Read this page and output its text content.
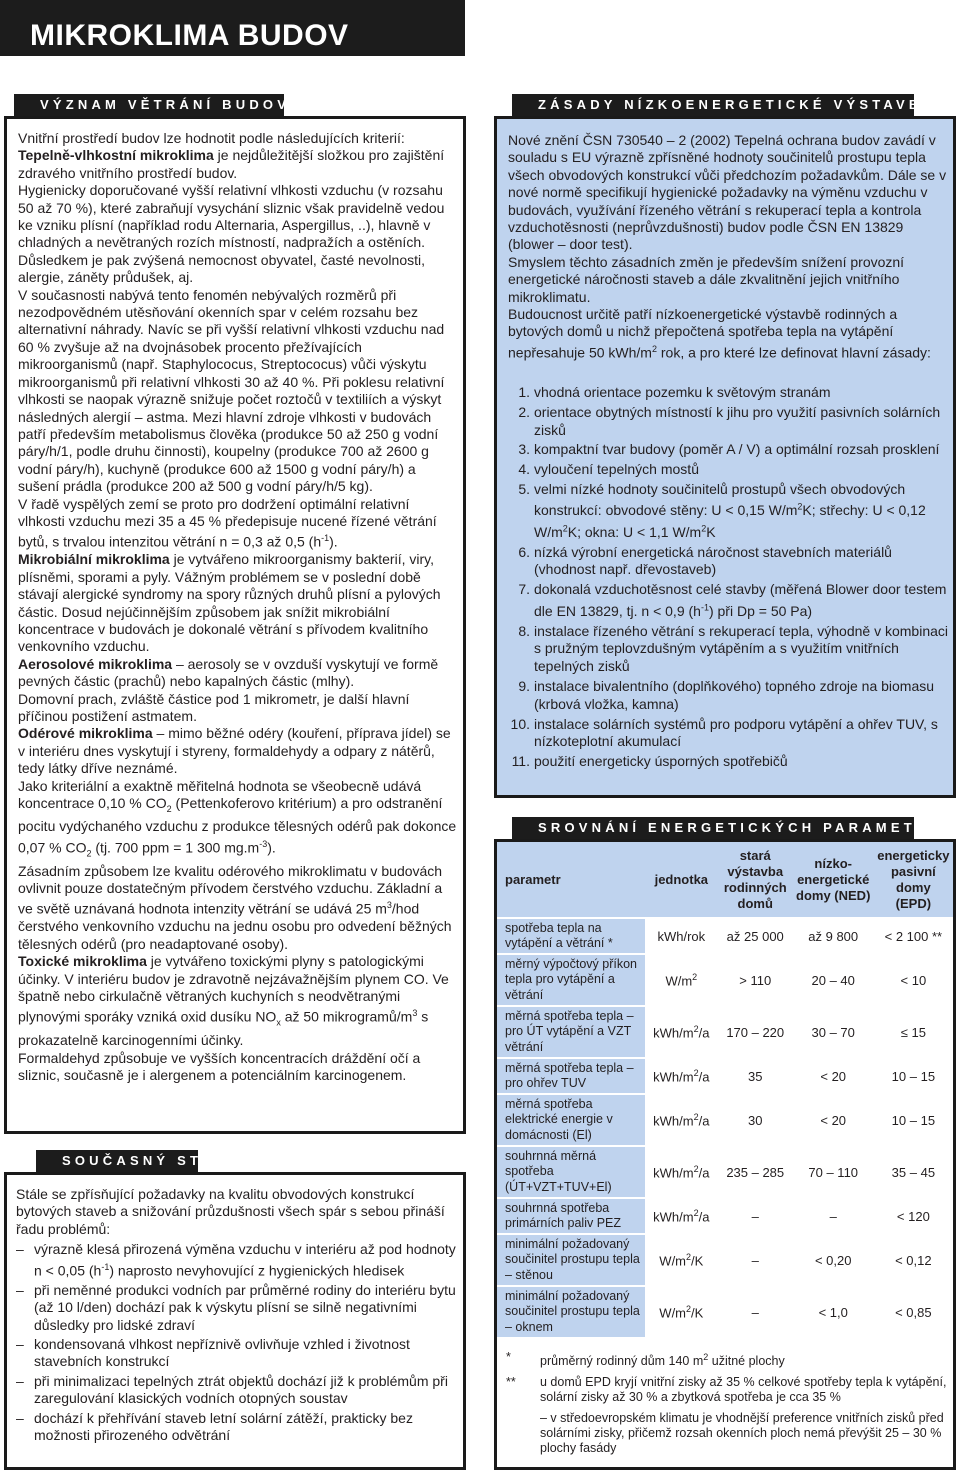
MIKROKLIMA BUDOV
VÝZNAM VĚTRÁNÍ BUDOV

Vnitřní prostředí budov lze hodnotit podle následujících kriterií:

Tepelně-vlhkostní mikroklima je nejdůležitější složkou pro zajištění zdravého vnitřního prostředí budov.

Hygienicky doporučované vyšší relativní vlhkosti vzduchu (v rozsahu 50 až 70 %), které zabraňují vysychání sliznic však pravidelně vedou ke vzniku plísní (například rodu Alternaria, Aspergillus, ..), hlavně v chladných a nevětraných rozích místností, nadpražích a ostěních. Důsledkem je pak zvýšená nemocnost obyvatel, časté nevolnosti, alergie, záněty průdušek, aj.

V současnosti nabývá tento fenomén nebývalých rozměrů při nezodpovědném utěsňování okenních spar v celém rozsahu bez alternativní náhrady. Navíc se při vyšší relativní vlhkosti vzduchu nad 60 % zvyšuje až na dvojnásobek procento přežívajících mikroorganismů (např. Staphylococus, Streptococus) vůči výskytu mikroorganismů při relativní vlhkosti 30 až 40 %. Při poklesu relativní vlhkosti se naopak výrazně snižuje počet roztočů v textiliích a výskyt následných alergií – astma. Mezi hlavní zdroje vlhkosti v budovách patří především metabolismus člověka (produkce 50 až 250 g vodní páry/h/1, podle druhu činnosti), koupelny (produkce 700 až 2600 g vodní páry/h), kuchyně (produkce 600 až 1500 g vodní páry/h) a sušení prádla (produkce 200 až 500 g vodní páry/h/5 kg).

V řadě vyspělých zemí se proto pro dodržení optimální relativní vlhkosti vzduchu mezi 35 a 45 % předepisuje nucené řízené větrání bytů, s trvalou intenzitou větrání n = 0,3 až 0,5 $(h^{-1})$.

Mikrobiální mikroklima je vytvářeno mikroorganismy bakterií, viry, plísněmi, sporami a pyly. Vážným problémem se v poslední době stávají alergické syndromy na spory různých druhů plísní a pylových částic. Dosud nejúčinnějším způsobem jak snížit mikrobiální koncentrace v budovách je dokonalé větrání s přívodem kvalitního venkovního vzduchu.

Aerosolové mikroklima – aerosoly se v ovzduší vyskytují ve formě pevných částic (prachů) nebo kapalných částic (mlhy).

Domovní prach, zvláště částice pod 1 mikrometr, je další hlavní příčinou postižení astmatem.

Odérové mikroklima – mimo běžné odéry (kouření, příprava jídel) se v interiéru dnes vyskytují i styreny, formaldehydy a odpary z nátěrů, tedy látky dříve neznámé.

Jako kriteriální a exaktně měřitelná hodnota se všeobecně udává koncentrace 0,10 % $CO_2$ (Pettenkoferovo kritérium) a pro odstranění pocitu vydýchaného vzduchu z produkce tělesných odérů pak dokonce 0,07 % $CO_2$ (tj. 700 ppm = 1 300 $mg.m^{-3}$).

Zásadním způsobem lze kvalitu odérového mikroklimatu v budovách ovlivnit pouze dostatečným přívodem čerstvého vzduchu. Základní a ve světě uznávaná hodnota intenzity větrání se udává 25 $m^3$/hod čerstvého venkovního vzduchu na jednu osobu pro odvedení běžných tělesných odérů (pro neadaptované osoby).

Toxické mikroklima je vytvářeno toxickými plyny s patologickými účinky. V interiéru budov je zdravotně nejzávažnějším plynem CO. Ve špatně nebo cirkulačně větraných kuchyních s neodvětranými plynovými sporáky vzniká oxid dusíku $NO_x$ až 50 mikrogramů/$m^3$ s prokazatelně karcinogenními účinky.

Formaldehyd způsobuje ve vyšších koncentracích dráždění očí a sliznic, současně je i alergenem a potenciálním karcinogenem.

SOUČASNÝ STAV

Stále se zpřísňující požadavky na kvalitu obvodových konstrukcí bytových staveb a snižování průzdušnosti všech spár s sebou přináší řadu problémů:

– výrazně klesá přirozená výměna vzduchu v interiéru až pod hodnoty n < 0,05 $(h^{-1})$ naprosto nevyhovující z hygienických hledisek
– při neměnné produkci vodních par průměrné rodiny do interiéru bytu (až 10 l/den) dochází pak k výskytu plísní se silně negativními důsledky pro lidské zdraví
– kondensovaná vlhkost nepříznivě ovlivňuje vzhled i životnost stavebních konstrukcí
– při minimalizaci tepelných ztrát objektů dochází již k problémům při zaregulování klasických vodních otopných soustav
– dochází k přehřívání staveb letní solární zátěží, prakticky bez možnosti přirozeného odvětrání
ZÁSADY NÍZKOENERGETICKÉ VÝSTAVBY

Nové znění ČSN 730540 – 2 (2002) Tepelná ochrana budov zavádí v souladu s EU výrazně zpřísněné hodnoty součinitelů prostupu tepla všech obvodových konstrukcí vůči předchozím požadavkům. Dále se v nové normě specifikují hygienické požadavky na výměnu vzduchu v budovách, využívání řízeného větrání s rekuperací tepla a kontrola vzduchotěsnosti (neprůvzdušnosti) budov podle ČSN EN 13829 (blower – door test).

Smyslem těchto zásadních změn je především snížení provozní energetické náročnosti staveb a dále zkvalitnění jejich vnitřního mikroklimatu.

Budoucnost určitě patří nízkoenergetické výstavbě rodinných a bytových domů u nichž přepočtená spotřeba tepla na vytápění nepřesahuje 50 kWh/$m^2$ rok, a pro které lze definovat hlavní zásady:

1. vhodná orientace pozemku k světovým stranám
2. orientace obytných místností k jihu pro využití pasivních solárních zisků
3. kompaktní tvar budovy (poměr A / V) a optimální rozsah prosklení
4. vyloučení tepelných mostů
5. velmi nízké hodnoty součinitelů prostupů všech obvodových konstrukcí: obvodové stěny: U < 0,15 $W/m^2K$; střechy: U < 0,12 $W/m^2K$; okna: U < 1,1 $W/m^2K$
6. nízká výrobní energetická náročnost stavebních materiálů (vhodnost např. dřevostaveb)
7. dokonalá vzduchotěsnost celé stavby (měřená Blower door testem dle EN 13829, tj. n < 0,9 $(h^{-1})$ při Dp = 50 Pa)
8. instalace řízeného větrání s rekuperací tepla, výhodně v kombinaci s pružným teplovzdušným vytápěním a s využitím vnitřních tepelných zisků
9. instalace bivalentního (doplňkového) topného zdroje na biomasu (krbová vložka, kamna)
10. instalace solárních systémů pro podporu vytápění a ohřev TUV, s nízkoteplotní akumulací
11. použití energeticky úsporných spotřebičů
SROVNÁNÍ ENERGETICKÝCH PARAMETRŮ
parametr	jednotka	stará výstavba rodinných domů	nízko-energetické domy (NED)	energeticky pasivní domy (EPD)
spotřeba tepla na vytápění a větrání *	kWh/rok	až 25 000	až 9 800	< 2 100 **
měrný výpočtový příkon tepla pro vytápění a větrání	$W/m^2$	> 110	20 – 40	< 10
měrná spotřeba tepla – pro ÚT vytápění a VZT větrání	kWh/$m^2/a$	170 – 220	30 – 70	≤ 15
měrná spotřeba tepla – pro ohřev TUV	kWh/$m^2/a$	35	< 20	10 – 15
měrná spotřeba elektrické energie v domácnosti (El)	kWh/$m^2/a$	30	< 20	10 – 15
souhrnná měrná spotřeba (ÚT+VZT+TUV+El)	kWh/$m^2/a$	235 – 285	70 – 110	35 – 45
souhrnná spotřeba primárních paliv PEZ	kWh/$m^2/a$	–	–	< 120
minimální požadovaný součinitel prostupu tepla – stěnou	$W/m^2/K$	–	< 0,20	< 0,12
minimální požadovaný součinitel prostupu tepla – oknem	$W/m^2/K$	–	< 1,0	< 0,85
* průměrný rodinný dům 140 $m^2$ užitné plochy
** u domů EPD kryjí vnitřní zisky až 35 % celkové spotřeby tepla k vytápění, solární zisky až 30 % a zbytková spotřeba je cca 35 %
– v středoevropském klimatu je vhodnější preference vnitřních zisků před solárními zisky, přičemž rozsah okenních ploch nemá převýšit 25 – 30 % plochy fasády
